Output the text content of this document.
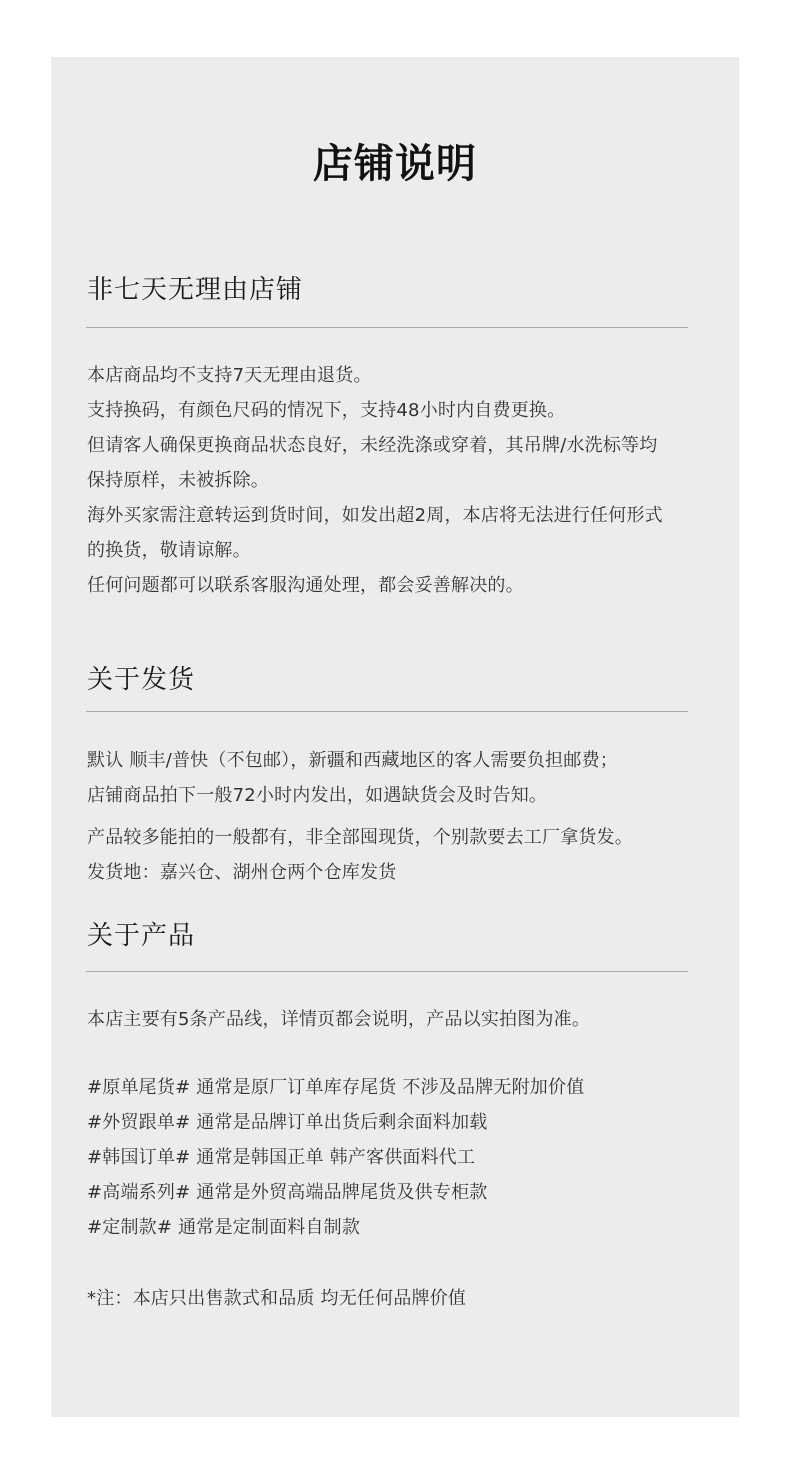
店铺说明
非七天无理由店铺
本店商品均不支持7天无理由退货。
支持换码，有颜色尺码的情况下，支持48小时内自费更换。
但请客人确保更换商品状态良好，未经洗涤或穿着，其吊牌/水洗标等均
保持原样，未被拆除。
海外买家需注意转运到货时间，如发出超2周，本店将无法进行任何形式
的换货，敬请谅解。
任何问题都可以联系客服沟通处理，都会妥善解决的。
关于发货
默认 顺丰/普快（不包邮），新疆和西藏地区的客人需要负担邮费；
店铺商品拍下一般72小时内发出，如遇缺货会及时告知。
产品较多能拍的一般都有，非全部囤现货，个别款要去工厂拿货发。
发货地：嘉兴仓、湖州仓两个仓库发货
关于产品
本店主要有5条产品线，详情页都会说明，产品以实拍图为准。
#原单尾货# 通常是原厂订单库存尾货 不涉及品牌无附加价值
#外贸跟单# 通常是品牌订单出货后剩余面料加载
#韩国订单# 通常是韩国正单 韩产客供面料代工
#高端系列# 通常是外贸高端品牌尾货及供专柜款
#定制款# 通常是定制面料自制款
*注：本店只出售款式和品质 均无任何品牌价值
